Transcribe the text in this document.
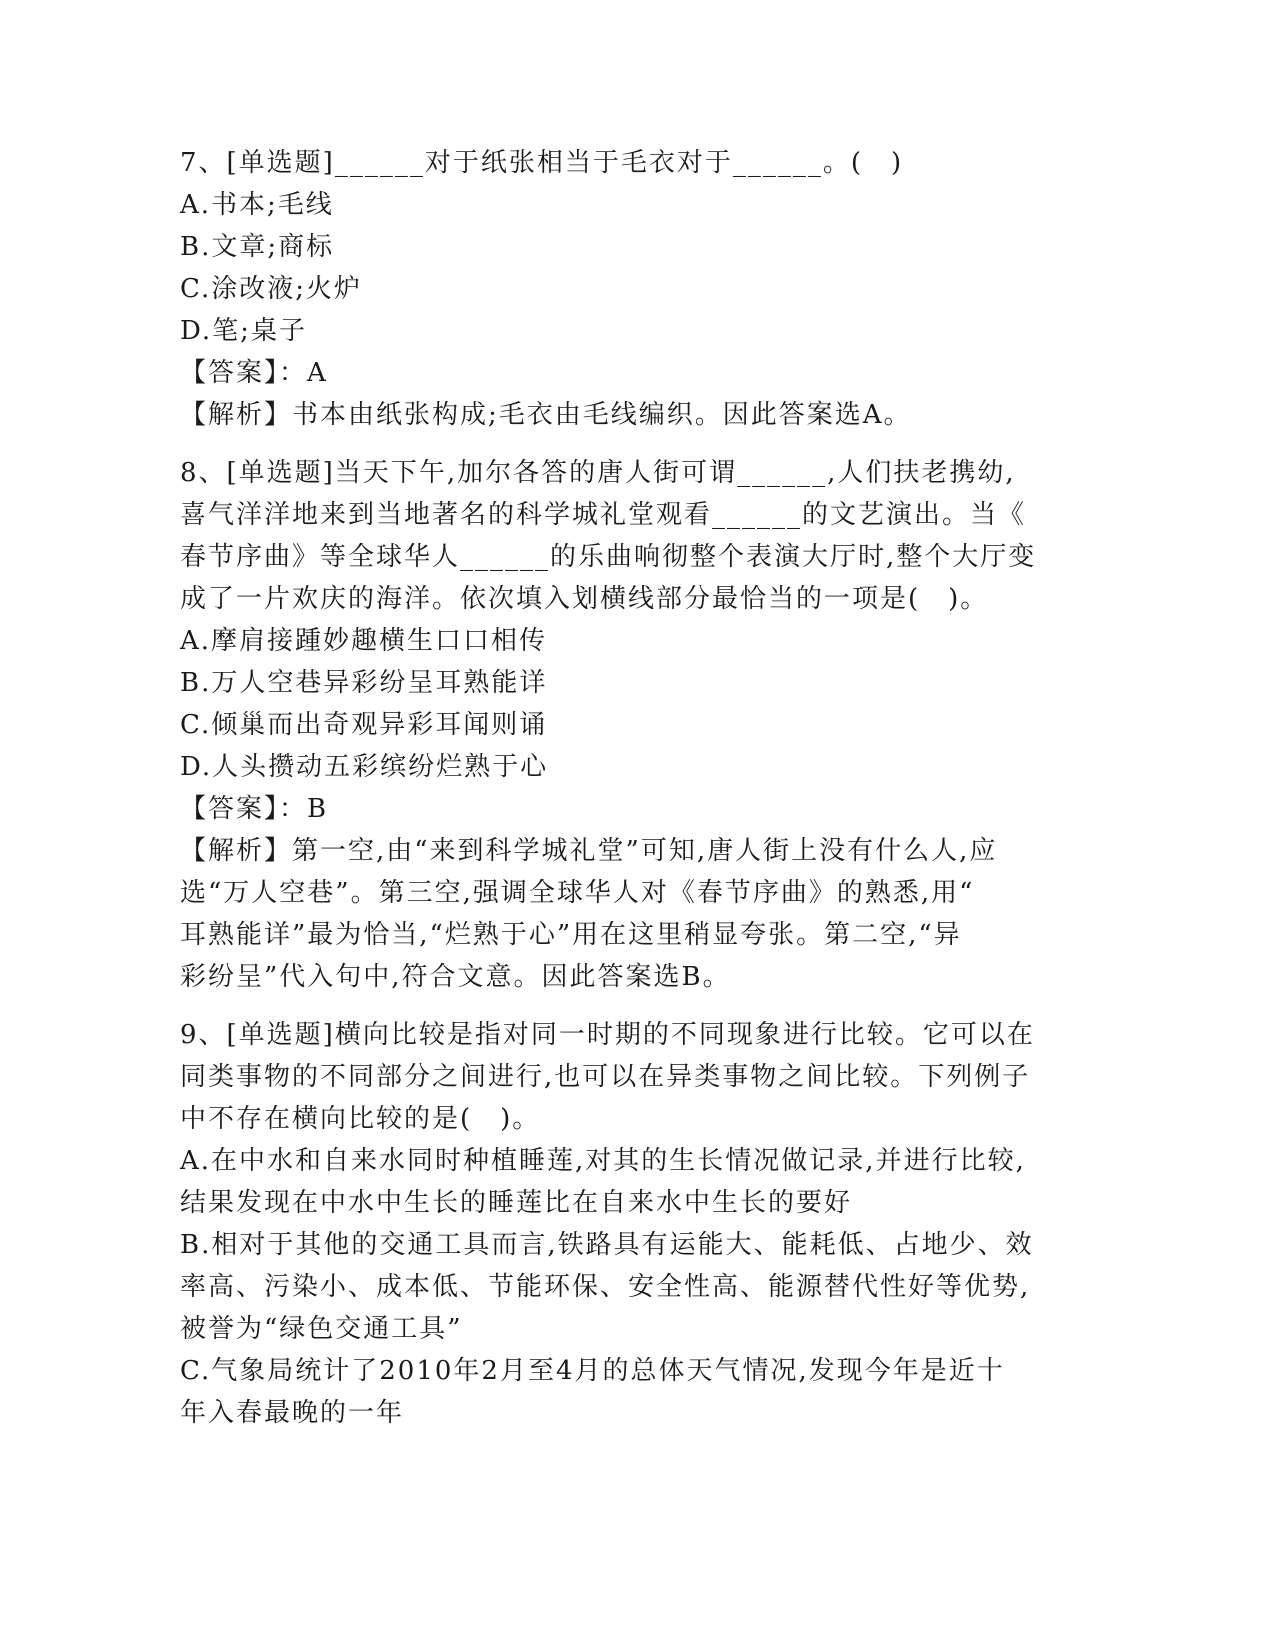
7、[单选题]______对于纸张相当于毛衣对于______。(　)
A.书本;毛线
B.文章;商标
C.涂改液;火炉
D.笔;桌子
【答案】：A
【解析】书本由纸张构成;毛衣由毛线编织。因此答案选A。
8、[单选题]当天下午,加尔各答的唐人街可谓______,人们扶老携幼,
喜气洋洋地来到当地著名的科学城礼堂观看______的文艺演出。当《
春节序曲》等全球华人______的乐曲响彻整个表演大厅时,整个大厅变
成了一片欢庆的海洋。依次填入划横线部分最恰当的一项是(　)。
A.摩肩接踵妙趣横生口口相传
B.万人空巷异彩纷呈耳熟能详
C.倾巢而出奇观异彩耳闻则诵
D.人头攒动五彩缤纷烂熟于心
【答案】：B
【解析】第一空,由“来到科学城礼堂”可知,唐人街上没有什么人,应
选“万人空巷”。第三空,强调全球华人对《春节序曲》的熟悉,用“
耳熟能详”最为恰当,“烂熟于心”用在这里稍显夸张。第二空,“异
彩纷呈”代入句中,符合文意。因此答案选B。
9、[单选题]横向比较是指对同一时期的不同现象进行比较。它可以在
同类事物的不同部分之间进行,也可以在异类事物之间比较。下列例子
中不存在横向比较的是(　)。
A.在中水和自来水同时种植睡莲,对其的生长情况做记录,并进行比较,
结果发现在中水中生长的睡莲比在自来水中生长的要好
B.相对于其他的交通工具而言,铁路具有运能大、能耗低、占地少、效
率高、污染小、成本低、节能环保、安全性高、能源替代性好等优势,
被誉为“绿色交通工具”
C.气象局统计了2010年2月至4月的总体天气情况,发现今年是近十
年入春最晚的一年
